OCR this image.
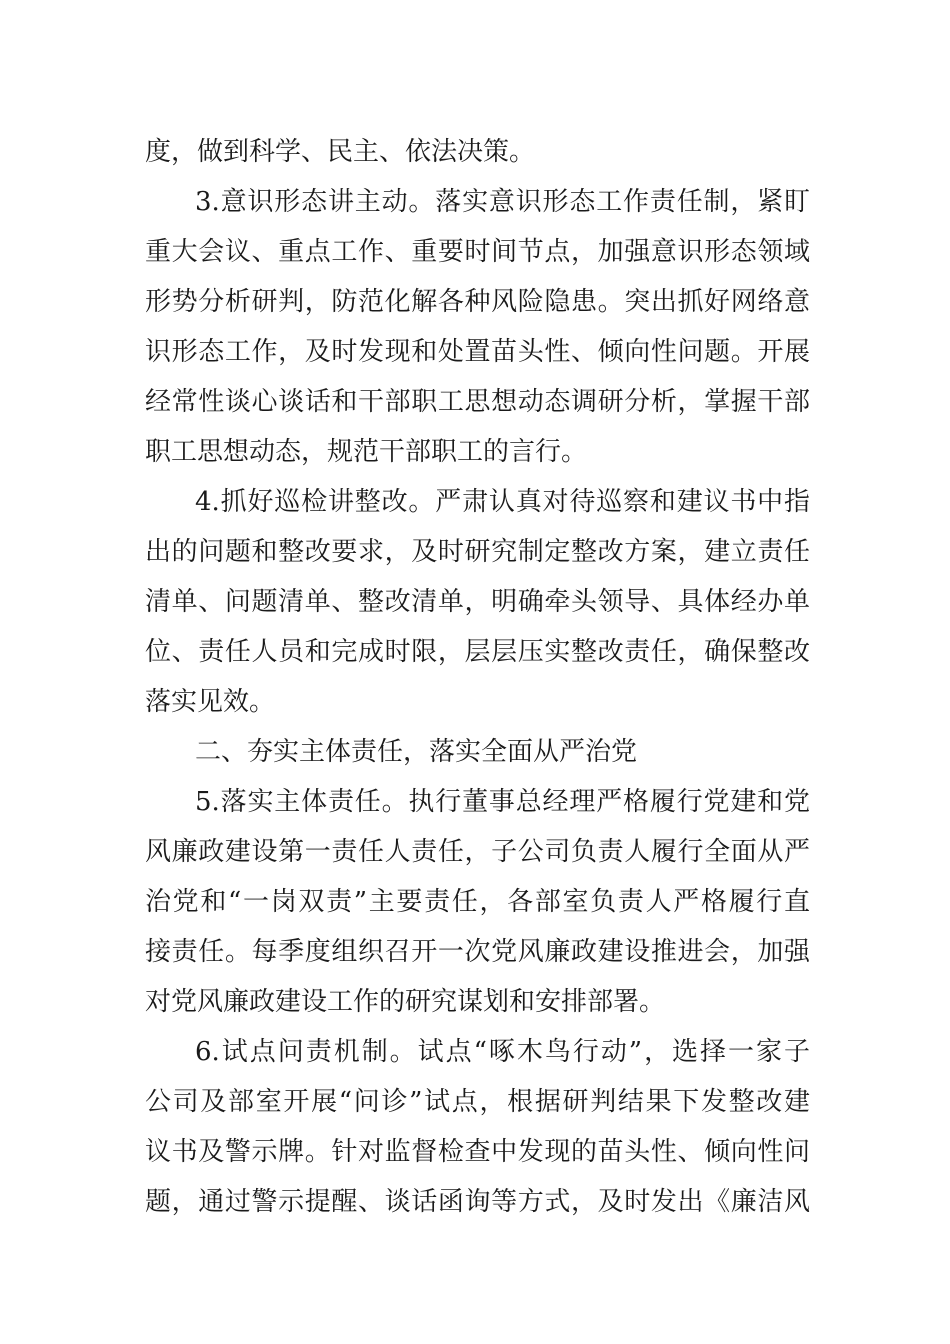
度，做到科学、民主、依法决策。
3.意识形态讲主动。落实意识形态工作责任制，紧盯
重大会议、重点工作、重要时间节点，加强意识形态领域
形势分析研判，防范化解各种风险隐患。突出抓好网络意
识形态工作，及时发现和处置苗头性、倾向性问题。开展
经常性谈心谈话和干部职工思想动态调研分析，掌握干部
职工思想动态，规范干部职工的言行。
4.抓好巡检讲整改。严肃认真对待巡察和建议书中指
出的问题和整改要求，及时研究制定整改方案，建立责任
清单、问题清单、整改清单，明确牵头领导、具体经办单
位、责任人员和完成时限，层层压实整改责任，确保整改
落实见效。
二、夯实主体责任，落实全面从严治党
5.落实主体责任。执行董事总经理严格履行党建和党
风廉政建设第一责任人责任，子公司负责人履行全面从严
治党和“一岗双责”主要责任，各部室负责人严格履行直
接责任。每季度组织召开一次党风廉政建设推进会，加强
对党风廉政建设工作的研究谋划和安排部署。
6.试点问责机制。试点“啄木鸟行动”，选择一家子
公司及部室开展“问诊”试点，根据研判结果下发整改建
议书及警示牌。针对监督检查中发现的苗头性、倾向性问
题，通过警示提醒、谈话函询等方式，及时发出《廉洁风
